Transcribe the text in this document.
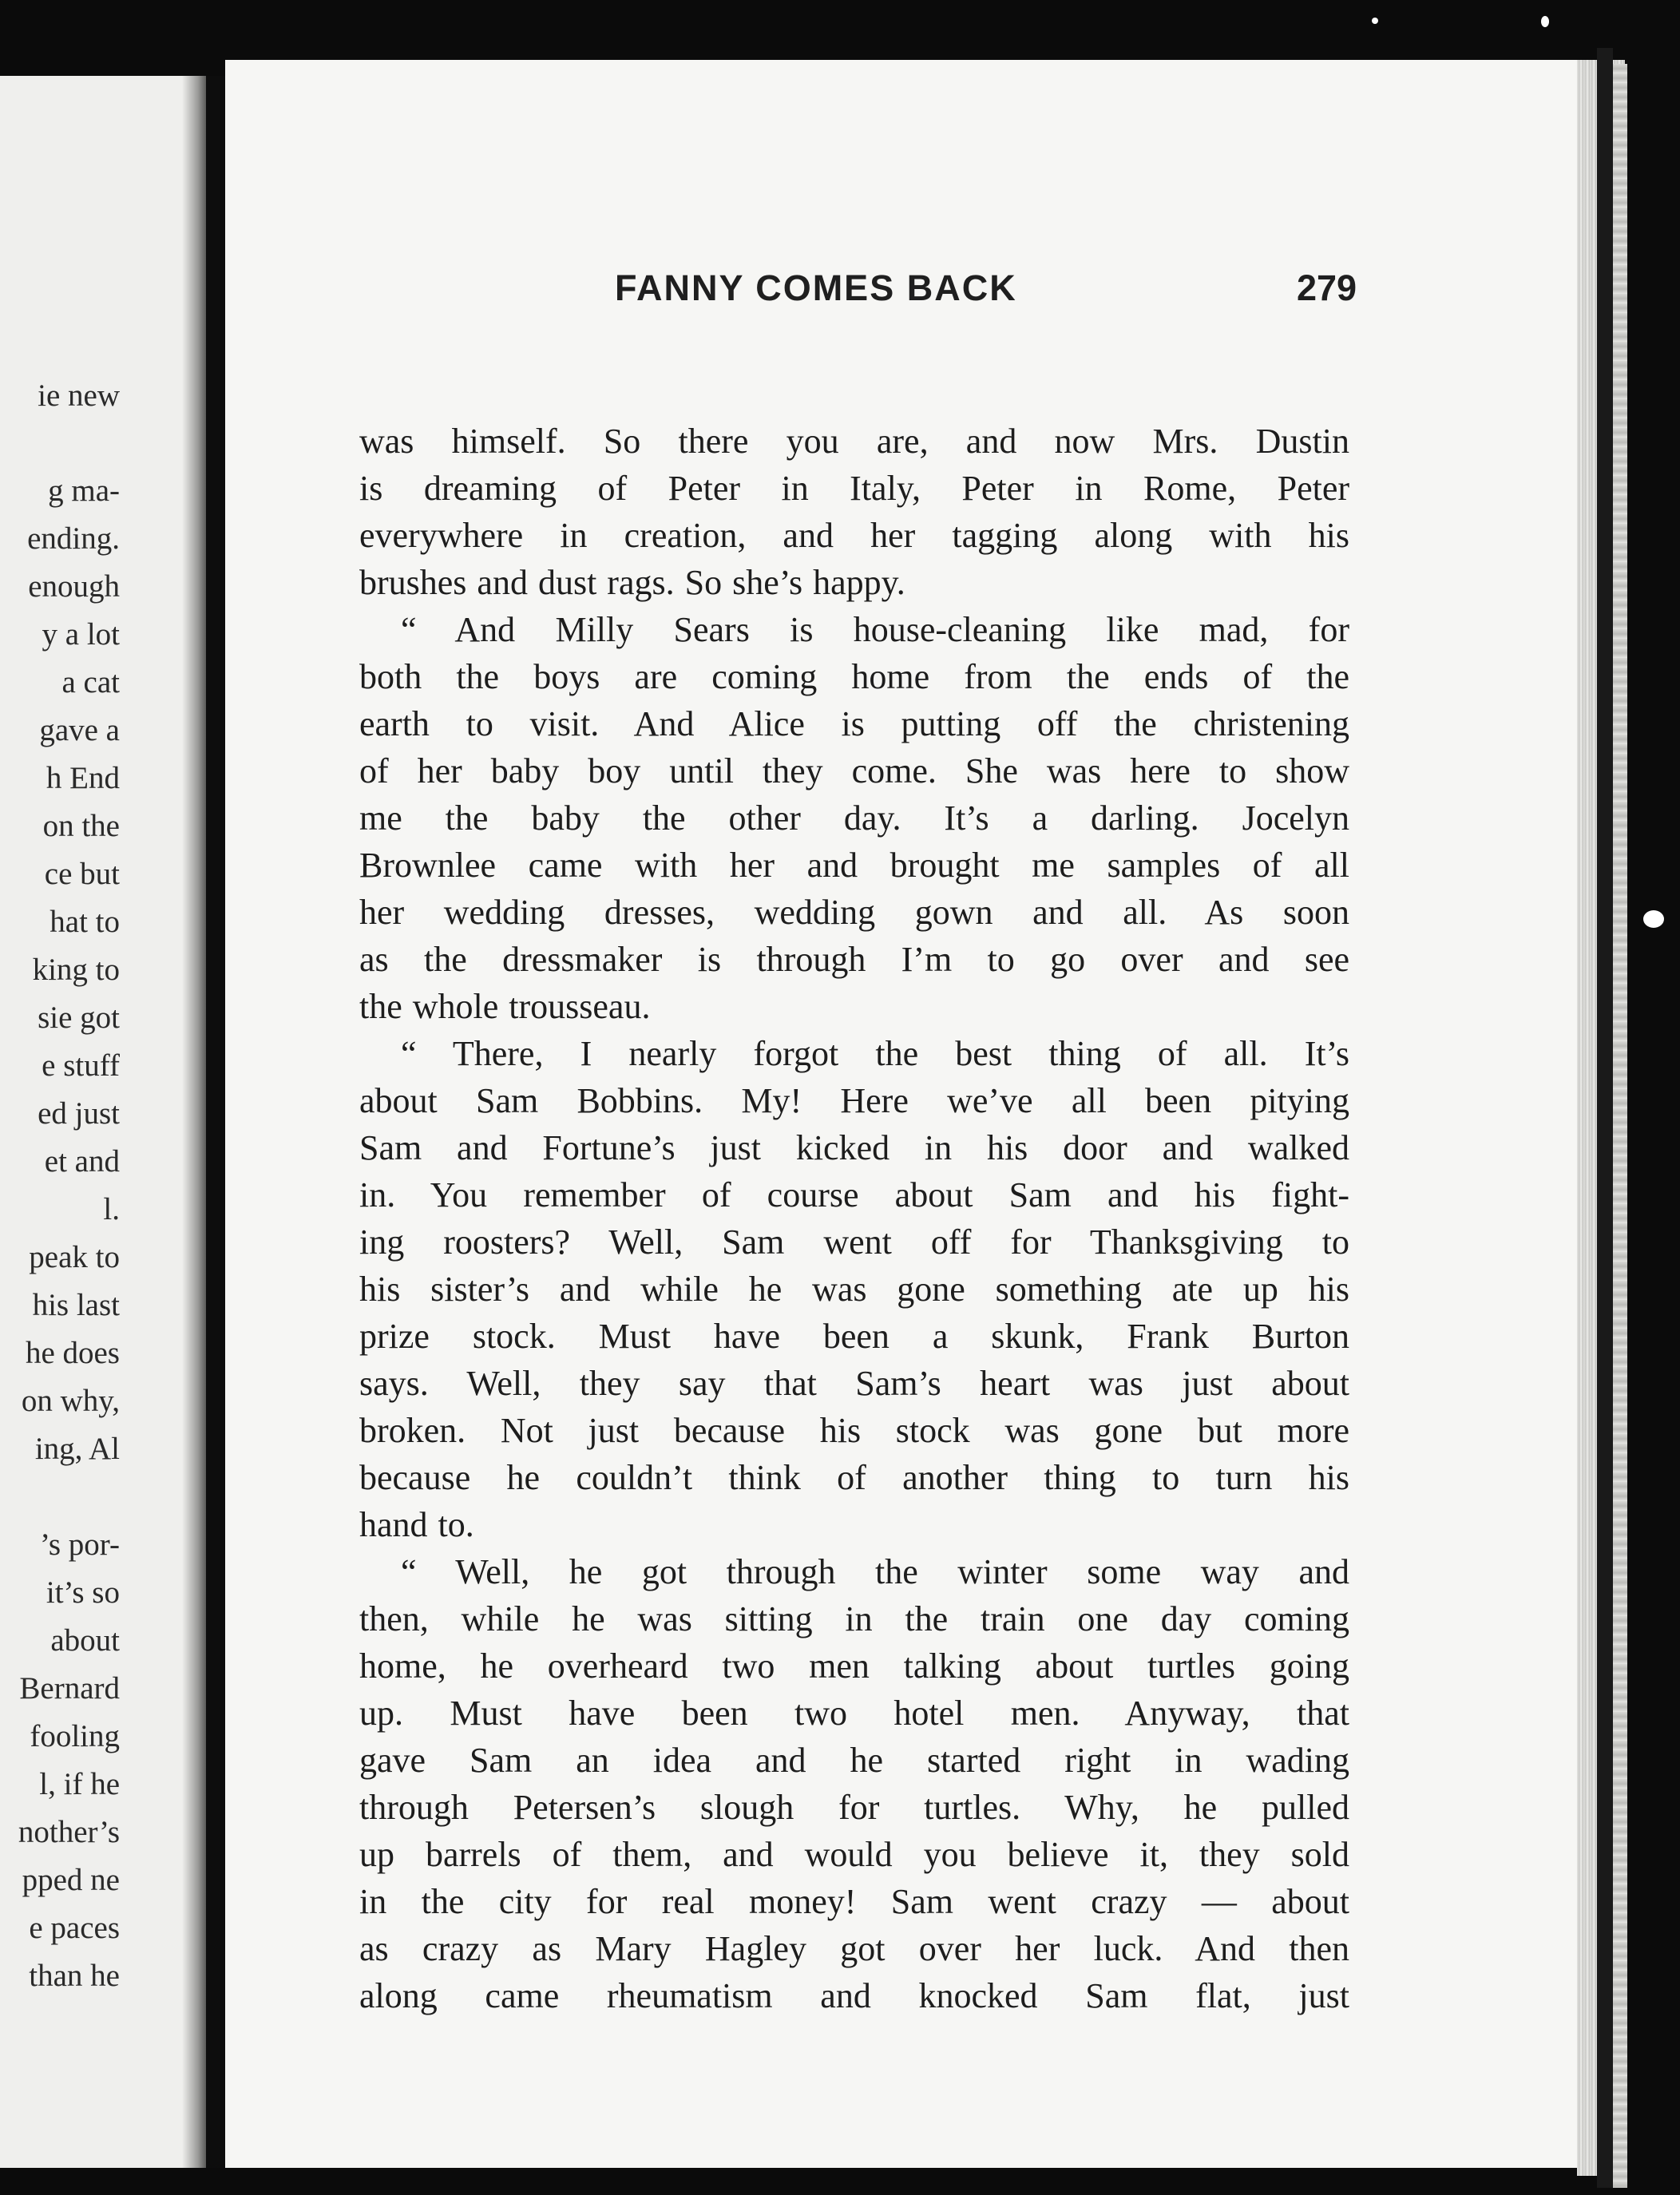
ie new
g ma-
ending.
enough
y a lot
a cat
gave a
h End
on the
ce but
hat to
king to
sie got
e stuff
ed just
et and
l.
peak to
his last
he does
on why,
ing, Al
’s por-
it’s so
about
Bernard
fooling
l, if he
nother’s
pped ne
e paces
than he
FANNY COMES BACK	279
was himself. So there you are, and now Mrs. Dustin
is dreaming of Peter in Italy, Peter in Rome, Peter
everywhere in creation, and her tagging along with his
brushes and dust rags. So she’s happy.
“ And Milly Sears is house-cleaning like mad, for
both the boys are coming home from the ends of the
earth to visit. And Alice is putting off the christening
of her baby boy until they come. She was here to show
me the baby the other day. It’s a darling. Jocelyn
Brownlee came with her and brought me samples of all
her wedding dresses, wedding gown and all. As soon
as the dressmaker is through I’m to go over and see
the whole trousseau.
“ There, I nearly forgot the best thing of all. It’s
about Sam Bobbins. My! Here we’ve all been pitying
Sam and Fortune’s just kicked in his door and walked
in. You remember of course about Sam and his fight-
ing roosters? Well, Sam went off for Thanksgiving to
his sister’s and while he was gone something ate up his
prize stock. Must have been a skunk, Frank Burton
says. Well, they say that Sam’s heart was just about
broken. Not just because his stock was gone but more
because he couldn’t think of another thing to turn his
hand to.
“ Well, he got through the winter some way and
then, while he was sitting in the train one day coming
home, he overheard two men talking about turtles going
up. Must have been two hotel men. Anyway, that
gave Sam an idea and he started right in wading
through Petersen’s slough for turtles. Why, he pulled
up barrels of them, and would you believe it, they sold
in the city for real money! Sam went crazy — about
as crazy as Mary Hagley got over her luck. And then
along came rheumatism and knocked Sam flat, just
